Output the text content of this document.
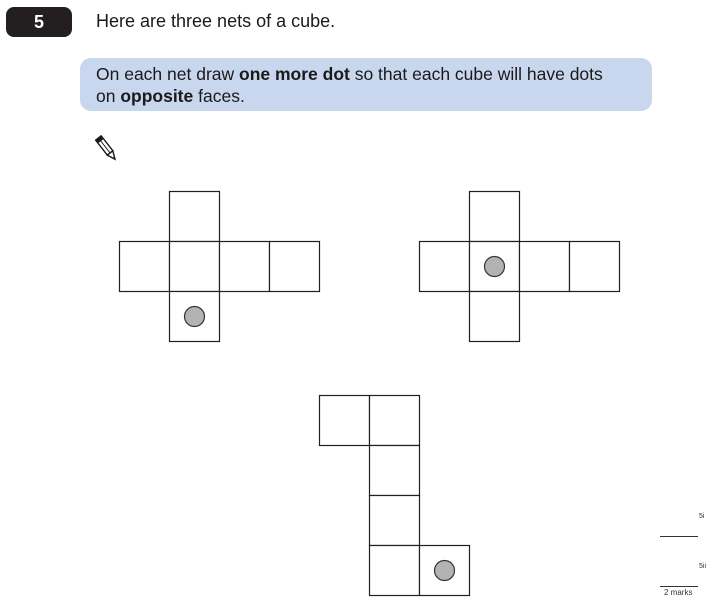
5	Here are three nets of a cube.
On each net draw one more dot so that each cube will have dots
on opposite faces.
5i
5ii
2 marks
